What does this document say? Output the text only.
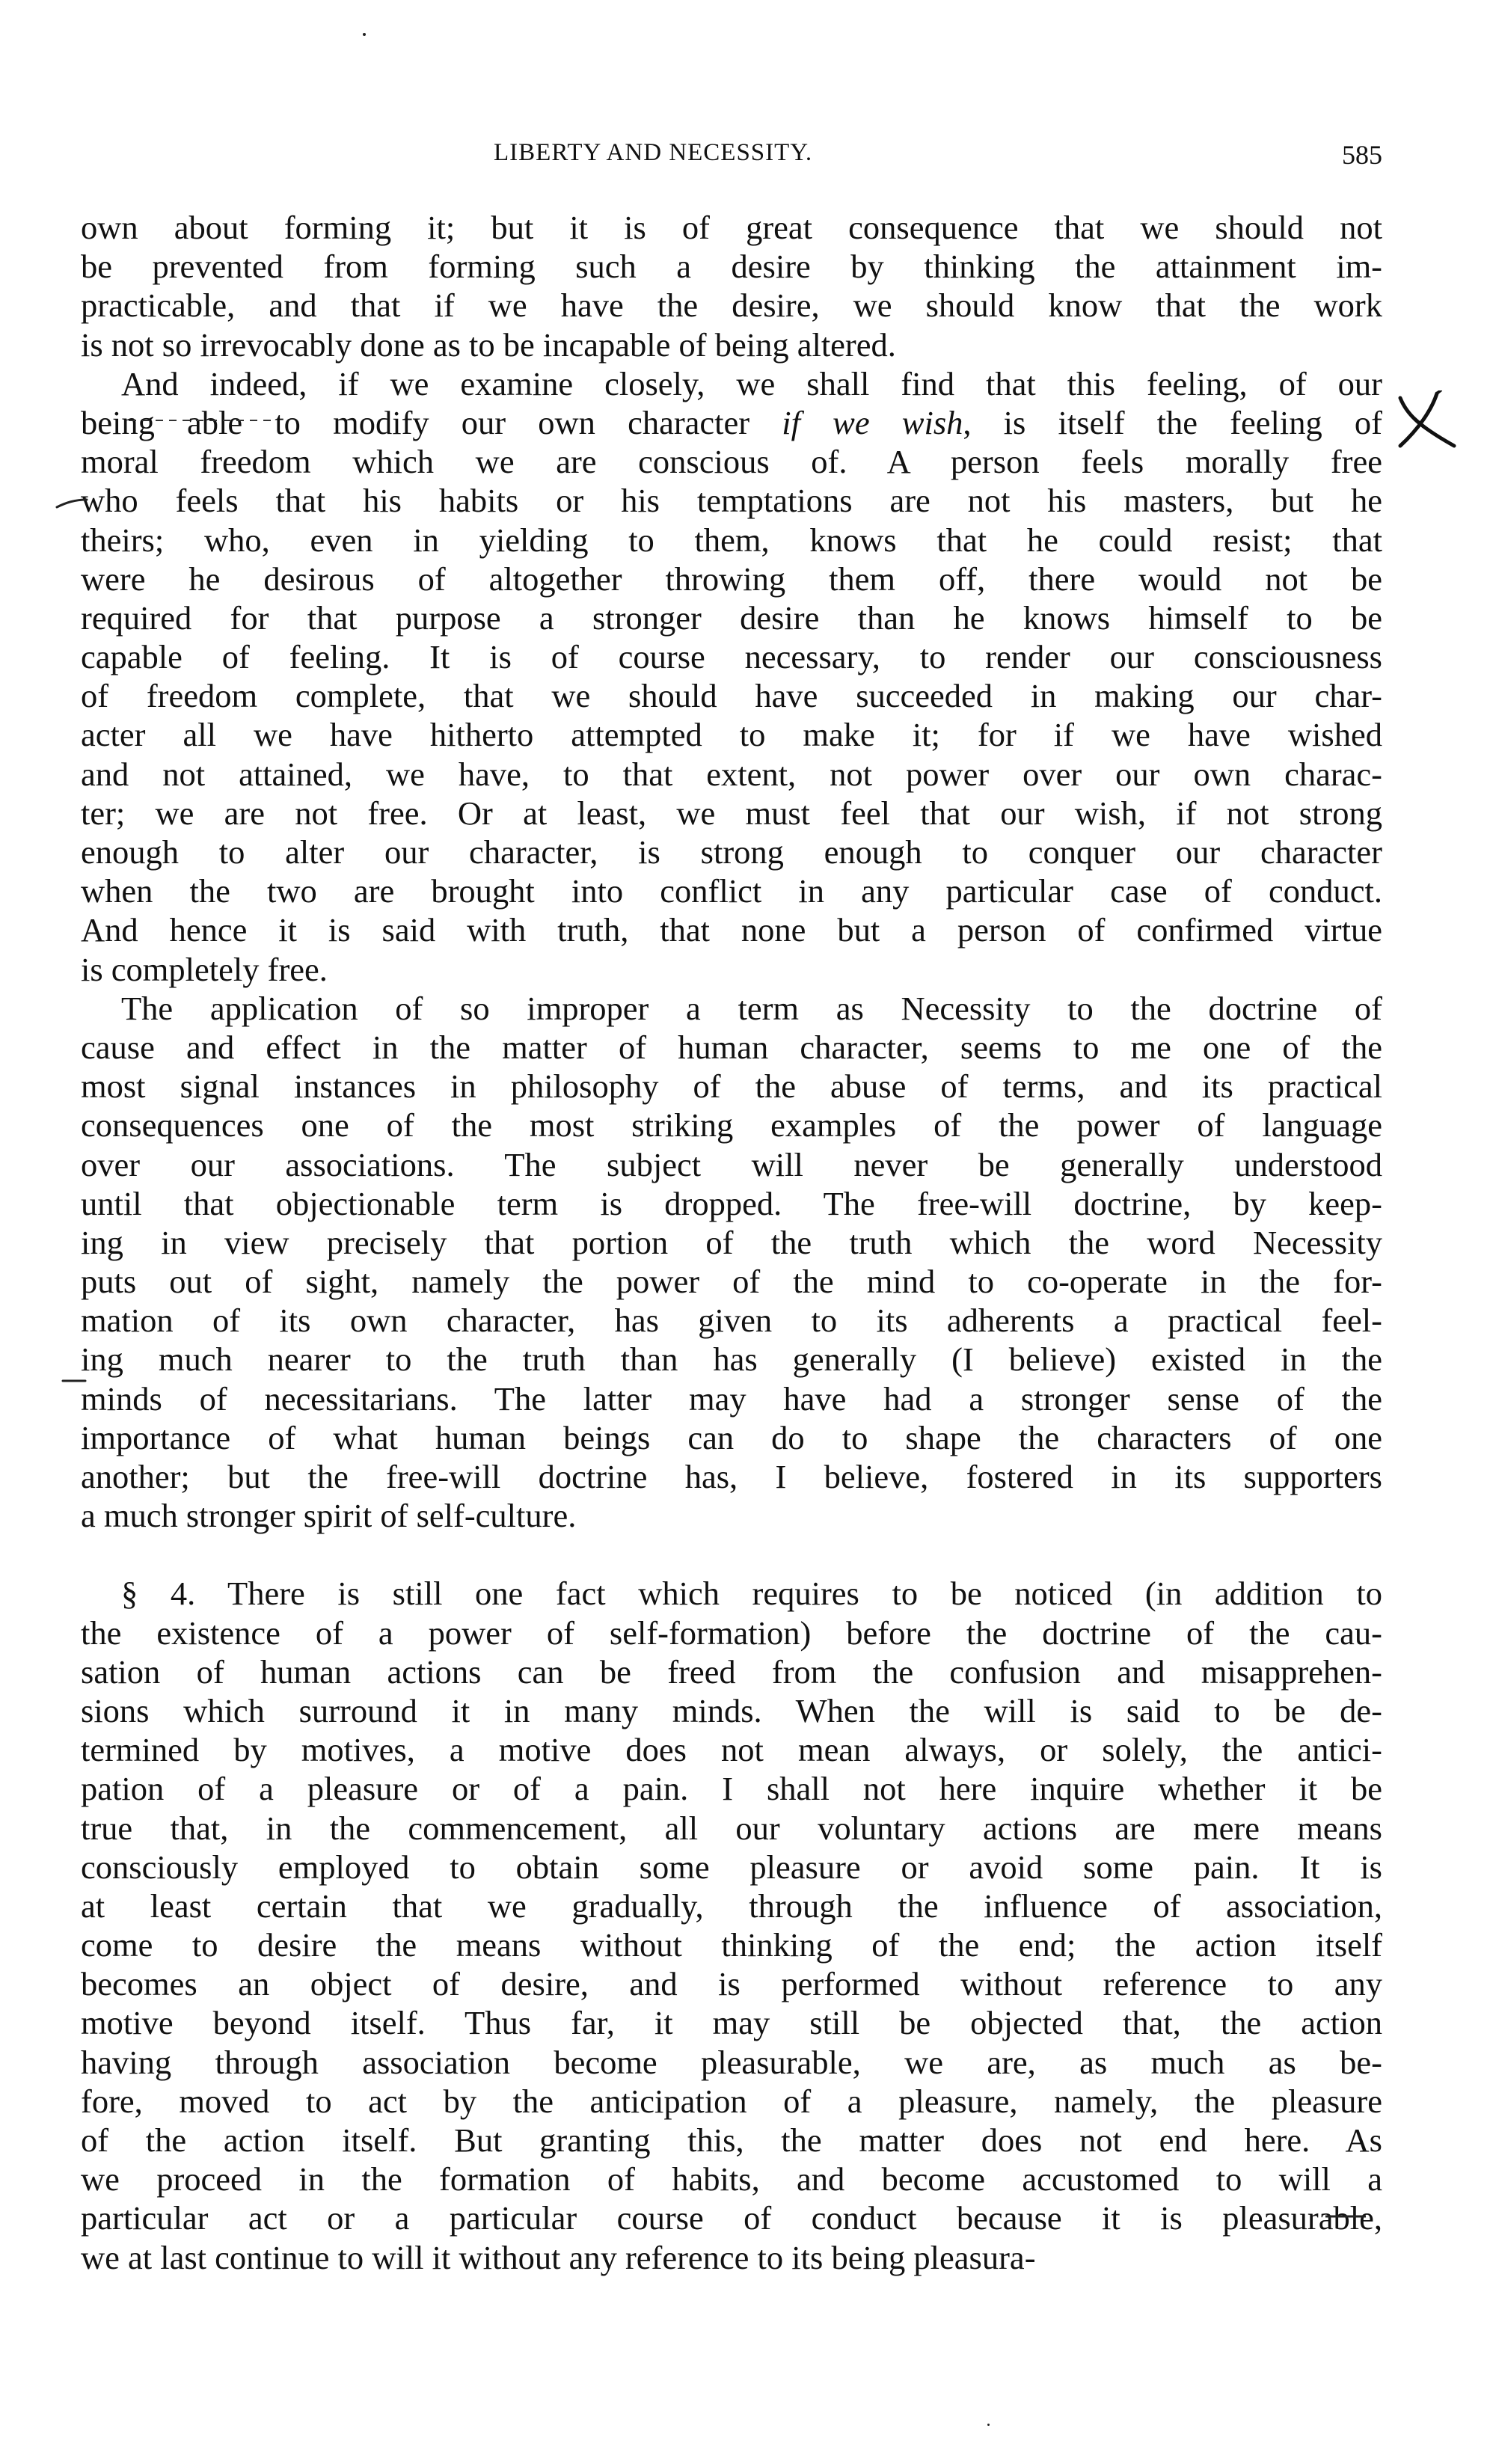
LIBERTY AND NECESSITY.	585
own about forming it; but it is of great consequence that we should not
be prevented from forming such a desire by thinking the attainment im-
practicable, and that if we have the desire, we should know that the work
is not so irrevocably done as to be incapable of being altered.
And indeed, if we examine closely, we shall find that this feeling, of our
being able to modify our own character if we wish, is itself the feeling of
moral freedom which we are conscious of. A person feels morally free
who feels that his habits or his temptations are not his masters, but he
theirs; who, even in yielding to them, knows that he could resist; that
were he desirous of altogether throwing them off, there would not be
required for that purpose a stronger desire than he knows himself to be
capable of feeling. It is of course necessary, to render our consciousness
of freedom complete, that we should have succeeded in making our char-
acter all we have hitherto attempted to make it; for if we have wished
and not attained, we have, to that extent, not power over our own charac-
ter; we are not free. Or at least, we must feel that our wish, if not strong
enough to alter our character, is strong enough to conquer our character
when the two are brought into conflict in any particular case of conduct.
And hence it is said with truth, that none but a person of confirmed virtue
is completely free.
The application of so improper a term as Necessity to the doctrine of
cause and effect in the matter of human character, seems to me one of the
most signal instances in philosophy of the abuse of terms, and its practical
consequences one of the most striking examples of the power of language
over our associations. The subject will never be generally understood
until that objectionable term is dropped. The free-will doctrine, by keep-
ing in view precisely that portion of the truth which the word Necessity
puts out of sight, namely the power of the mind to co-operate in the for-
mation of its own character, has given to its adherents a practical feel-
ing much nearer to the truth than has generally (I believe) existed in the
minds of necessitarians. The latter may have had a stronger sense of the
importance of what human beings can do to shape the characters of one
another; but the free-will doctrine has, I believe, fostered in its supporters
a much stronger spirit of self-culture.
§ 4. There is still one fact which requires to be noticed (in addition to
the existence of a power of self-formation) before the doctrine of the cau-
sation of human actions can be freed from the confusion and misapprehen-
sions which surround it in many minds. When the will is said to be de-
termined by motives, a motive does not mean always, or solely, the antici-
pation of a pleasure or of a pain. I shall not here inquire whether it be
true that, in the commencement, all our voluntary actions are mere means
consciously employed to obtain some pleasure or avoid some pain. It is
at least certain that we gradually, through the influence of association,
come to desire the means without thinking of the end; the action itself
becomes an object of desire, and is performed without reference to any
motive beyond itself. Thus far, it may still be objected that, the action
having through association become pleasurable, we are, as much as be-
fore, moved to act by the anticipation of a pleasure, namely, the pleasure
of the action itself. But granting this, the matter does not end here. As
we proceed in the formation of habits, and become accustomed to will a
particular act or a particular course of conduct because it is pleasurable,
we at last continue to will it without any reference to its being pleasura-
